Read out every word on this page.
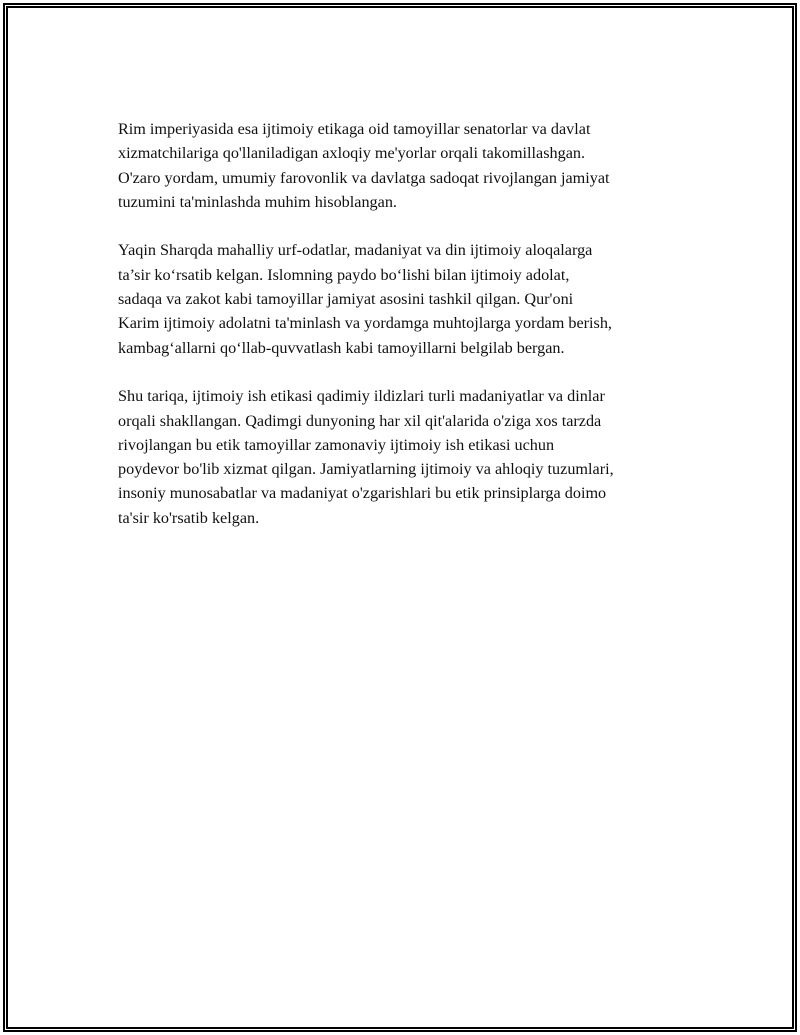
Rim imperiyasida esa ijtimoiy etikaga oid tamoyillar senatorlar va davlat
xizmatchilariga qo'llaniladigan axloqiy me'yorlar orqali takomillashgan.
O'zaro yordam, umumiy farovonlik va davlatga sadoqat rivojlangan jamiyat
tuzumini ta'minlashda muhim hisoblangan.

Yaqin Sharqda mahalliy urf-odatlar, madaniyat va din ijtimoiy aloqalarga
ta’sir ko‘rsatib kelgan. Islomning paydo bo‘lishi bilan ijtimoiy adolat,
sadaqa va zakot kabi tamoyillar jamiyat asosini tashkil qilgan. Qur'oni
Karim ijtimoiy adolatni ta'minlash va yordamga muhtojlarga yordam berish,
kambag‘allarni qo‘llab-quvvatlash kabi tamoyillarni belgilab bergan.

Shu tariqa, ijtimoiy ish etikasi qadimiy ildizlari turli madaniyatlar va dinlar
orqali shakllangan. Qadimgi dunyoning har xil qit'alarida o'ziga xos tarzda
rivojlangan bu etik tamoyillar zamonaviy ijtimoiy ish etikasi uchun
poydevor bo'lib xizmat qilgan. Jamiyatlarning ijtimoiy va ahloqiy tuzumlari,
insoniy munosabatlar va madaniyat o'zgarishlari bu etik prinsiplarga doimo
ta'sir ko'rsatib kelgan.
